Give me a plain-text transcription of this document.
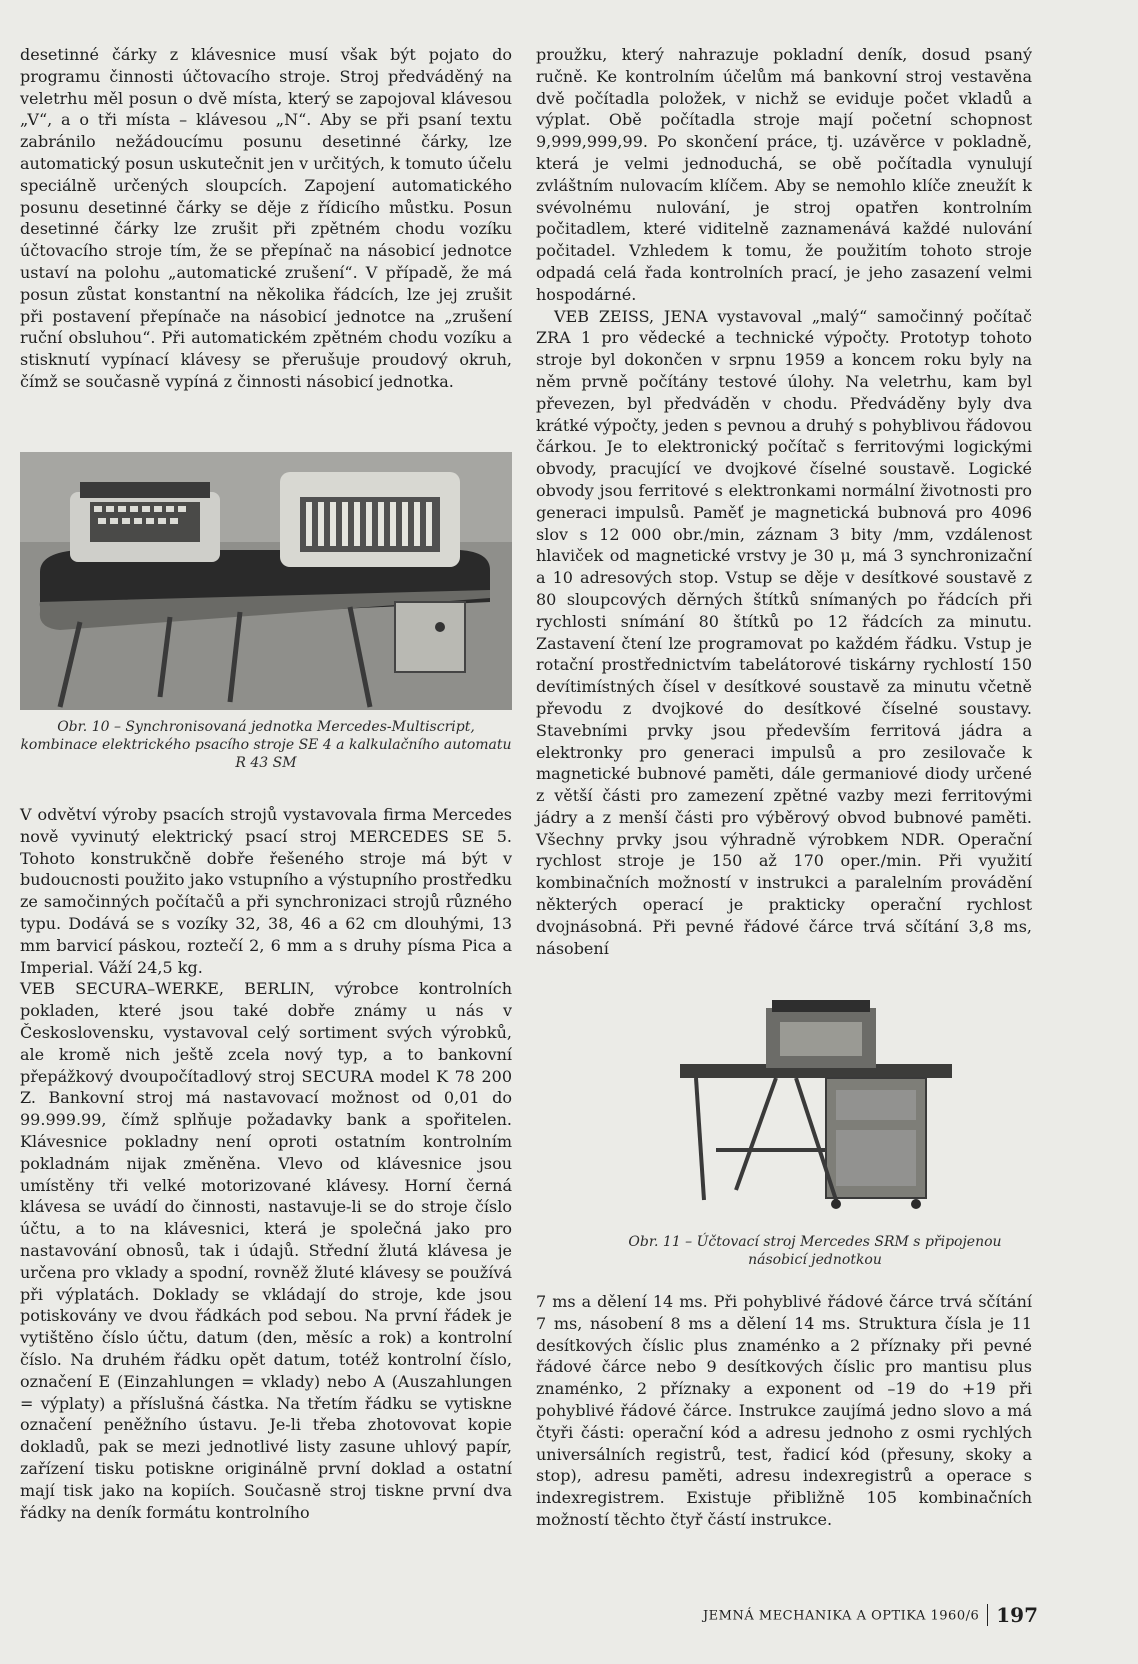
desetinné čárky z klávesnice musí však být pojato do programu činnosti účtovacího stroje. Stroj předváděný na veletrhu měl posun o dvě místa, který se zapojoval klávesou „V“, a o tři místa – klávesou „N“. Aby se při psaní textu zabránilo nežádoucímu posunu desetinné čárky, lze automatický posun uskutečnit jen v určitých, k tomuto účelu speciálně určených sloupcích. Zapojení automatického posunu desetinné čárky se děje z řídicího můstku. Posun desetinné čárky lze zrušit při zpětném chodu vozíku účtovacího stroje tím, že se přepínač na násobicí jednotce ustaví na polohu „automatické zrušení“. V případě, že má posun zůstat konstantní na několika řádcích, lze jej zrušit při postavení přepínače na násobicí jednotce na „zrušení ruční obsluhou“. Při automatickém zpětném chodu vozíku a stisknutí vypínací klávesy se přerušuje proudový okruh, čímž se současně vypíná z činnosti násobicí jednotka.

Obr. 10 – Synchronisovaná jednotka Mercedes-Multiscript, kombinace elektrického psacího stroje SE 4 a kalkulačního automatu R 43 SM

V odvětví výroby psacích strojů vystavovala firma Mercedes nově vyvinutý elektrický psací stroj MERCEDES SE 5. Tohoto konstrukčně dobře řešeného stroje má být v budoucnosti použito jako vstupního a výstupního prostředku ze samočinných počítačů a při synchronizaci strojů různého typu. Dodává se s vozíky 32, 38, 46 a 62 cm dlouhými, 13 mm barvicí páskou, roztečí 2, 6 mm a s druhy písma Pica a Imperial. Váží 24,5 kg.

VEB SECURA–WERKE, BERLIN, výrobce kontrolních pokladen, které jsou také dobře známy u nás v Československu, vystavoval celý sortiment svých výrobků, ale kromě nich ještě zcela nový typ, a to bankovní přepážkový dvoupočítadlový stroj SECURA model K 78 200 Z. Bankovní stroj má nastavovací možnost od 0,01 do 99.999.99, čímž splňuje požadavky bank a spořitelen. Klávesnice pokladny není oproti ostatním kontrolním pokladnám nijak změněna. Vlevo od klávesnice jsou umístěny tři velké motorizované klávesy. Horní černá klávesa se uvádí do činnosti, nastavuje-li se do stroje číslo účtu, a to na klávesnici, která je společná jako pro nastavování obnosů, tak i údajů. Střední žlutá klávesa je určena pro vklady a spodní, rovněž žluté klávesy se používá při výplatách. Doklady se vkládají do stroje, kde jsou potiskovány ve dvou řádkách pod sebou. Na první řádek je vytištěno číslo účtu, datum (den, měsíc a rok) a kontrolní číslo. Na druhém řádku opět datum, totéž kontrolní číslo, označení E (Einzahlungen = vklady) nebo A (Auszahlungen = výplaty) a příslušná částka. Na třetím řádku se vytiskne označení peněžního ústavu. Je-li třeba zhotovovat kopie dokladů, pak se mezi jednotlivé listy zasune uhlový papír, zařízení tisku potiskne originálně první doklad a ostatní mají tisk jako na kopiích. Současně stroj tiskne první dva řádky na deník formátu kontrolního

proužku, který nahrazuje pokladní deník, dosud psaný ručně. Ke kontrolním účelům má bankovní stroj vestavěna dvě počítadla položek, v nichž se eviduje počet vkladů a výplat. Obě počítadla stroje mají početní schopnost 9,999,999,99. Po skončení práce, tj. uzávěrce v pokladně, která je velmi jednoduchá, se obě počítadla vynulují zvláštním nulovacím klíčem. Aby se nemohlo klíče zneužít k svévolnému nulování, je stroj opatřen kontrolním počitadlem, které viditelně zaznamenává každé nulování počitadel. Vzhledem k tomu, že použitím tohoto stroje odpadá celá řada kontrolních prací, je jeho zasazení velmi hospodárné.

VEB ZEISS, JENA vystavoval „malý“ samočinný počítač ZRA 1 pro vědecké a technické výpočty. Prototyp tohoto stroje byl dokončen v srpnu 1959 a koncem roku byly na něm prvně počítány testové úlohy. Na veletrhu, kam byl převezen, byl předváděn v chodu. Předváděny byly dva krátké výpočty, jeden s pevnou a druhý s pohyblivou řádovou čárkou. Je to elektronický počítač s ferritovými logickými obvody, pracující ve dvojkové číselné soustavě. Logické obvody jsou ferritové s elektronkami normální životnosti pro generaci impulsů. Paměť je magnetická bubnová pro 4096 slov s 12 000 obr./min, záznam 3 bity /mm, vzdálenost hlaviček od magnetické vrstvy je 30 μ, má 3 synchronizační a 10 adresových stop. Vstup se děje v desítkové soustavě z 80 sloupcových děrných štítků snímaných po řádcích při rychlosti snímání 80 štítků po 12 řádcích za minutu. Zastavení čtení lze programovat po každém řádku. Vstup je rotační prostřednictvím tabelátorové tiskárny rychlostí 150 devítimístných čísel v desítkové soustavě za minutu včetně převodu z dvojkové do desítkové číselné soustavy. Stavebními prvky jsou především ferritová jádra a elektronky pro generaci impulsů a pro zesilovače k magnetické bubnové paměti, dále germaniové diody určené z větší části pro zamezení zpětné vazby mezi ferritovými jádry a z menší části pro výběrový obvod bubnové paměti. Všechny prvky jsou výhradně výrobkem NDR. Operační rychlost stroje je 150 až 170 oper./min. Při využití kombinačních možností v instrukci a paralelním provádění některých operací je prakticky operační rychlost dvojnásobná. Při pevné řádové čárce trvá sčítání 3,8 ms, násobení

Obr. 11 – Účtovací stroj Mercedes SRM s připojenou násobicí jednotkou

7 ms a dělení 14 ms. Při pohyblivé řádové čárce trvá sčítání 7 ms, násobení 8 ms a dělení 14 ms. Struktura čísla je 11 desítkových číslic plus znaménko a 2 příznaky při pevné řádové čárce nebo 9 desítkových číslic pro mantisu plus znaménko, 2 příznaky a exponent od –19 do +19 při pohyblivé řádové čárce. Instrukce zaujímá jedno slovo a má čtyři části: operační kód a adresu jednoho z osmi rychlých universálních registrů, test, řadicí kód (přesuny, skoky a stop), adresu paměti, adresu indexregistrů a operace s indexregistrem. Existuje přibližně 105 kombinačních možností těchto čtyř částí instrukce.

JEMNÁ MECHANIKA A OPTIKA 1960/6 197
